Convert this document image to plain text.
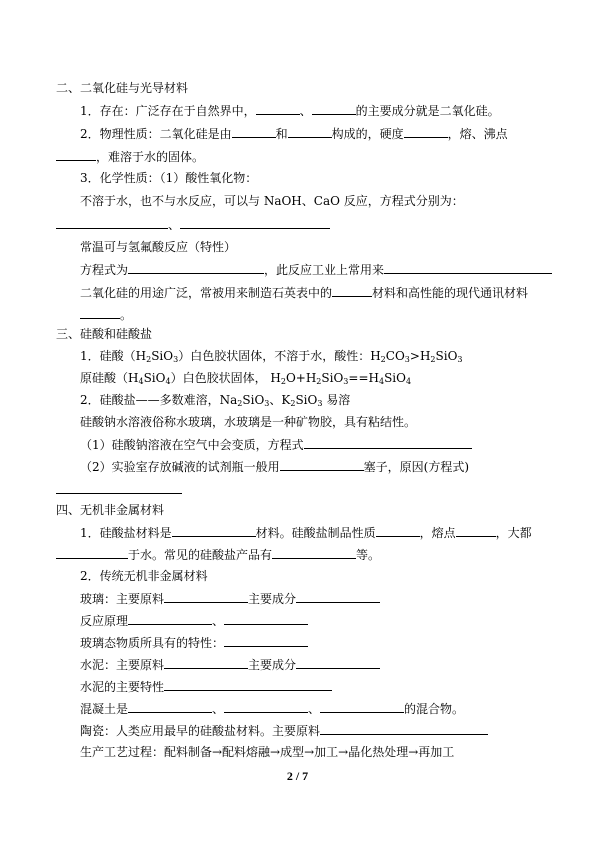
二、二氧化硅与光导材料
1．存在：广泛存在于自然界中，	、	的主要成分就是二氧化硅。
2．物理性质：二氧化硅是由	和	构成的，硬度	，熔、沸点
，难溶于水的固体。
3．化学性质：（1）酸性氧化物：
不溶于水，也不与水反应，可以与 NaOH、CaO 反应，方程式分别为：
、
常温可与氢氟酸反应（特性）
方程式为	，此反应工业上常用来
二氧化硅的用途广泛，常被用来制造石英表中的	材料和高性能的现代通讯材料
。
三、硅酸和硅酸盐
1．硅酸$(H_2SiO_3)$白色胶状固体，不溶于水，酸性：$H_2CO_3>H_2SiO_3$
原硅酸$(H_4SiO_4)$白色胶状固体， $H_2O+H_2SiO_3==H_4SiO_4$
2．硅酸盐——多数难溶，$Na_2SiO_3$、$K_2SiO_3$ 易溶
硅酸钠水溶液俗称水玻璃，水玻璃是一种矿物胶，具有粘结性。
（1）硅酸钠溶液在空气中会变质，方程式
（2）实验室存放碱液的试剂瓶一般用	塞子，原因(方程式)
四、无机非金属材料
1．硅酸盐材料是	材料。硅酸盐制品性质	，熔点	，大都
于水。常见的硅酸盐产品有	等。
2．传统无机非金属材料
玻璃：主要原料	主要成分
反应原理	、
玻璃态物质所具有的特性：
水泥：主要原料	主要成分
水泥的主要特性
混凝土是	、	、	的混合物。
陶瓷：人类应用最早的硅酸盐材料。主要原料
生产工艺过程：配料制备→配料熔融→成型→加工→晶化热处理→再加工
2 / 7
